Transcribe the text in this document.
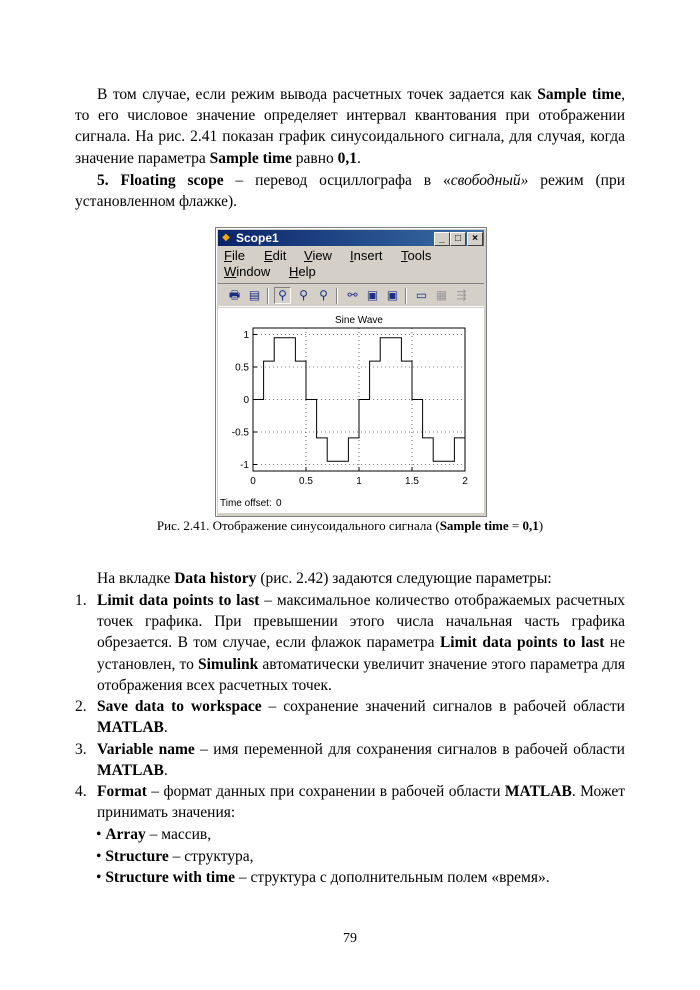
В том случае, если режим вывода расчетных точек задается как Sample time, то его числовое значение определяет интервал квантования при отображении сигнала. На рис. 2.41 показан график синусоидального сигнала, для случая, когда значение параметра Sample time равно 0,1.
5. Floating scope – перевод осциллографа в «свободный» режим (при установленном флажке).
◆ Scope1	_	□	×
File Edit View Insert Tools
Window Help
🖶 ▤	⚲	⚲ ⚲	⚯ ▣ ▣ ▭ ▦ ⇶
Sine Wave
0	0.5	1	1.5	2
1
0.5
0
-0.5
-1
Time offset: 0
Рис. 2.41. Отображение синусоидального сигнала (Sample time = 0,1)
На вкладке Data history (рис. 2.42) задаются следующие параметры:
1. Limit data points to last – максимальное количество отображаемых расчетных точек графика. При превышении этого числа начальная часть графика обрезается. В том случае, если флажок параметра Limit data points to last не установлен, то Simulink автоматически увеличит значение этого параметра для отображения всех расчетных точек.
2. Save data to workspace – сохранение значений сигналов в рабочей области MATLAB.
3. Variable name – имя переменной для сохранения сигналов в рабочей области MATLAB.
4. Format – формат данных при сохранении в рабочей области MATLAB. Может принимать значения:
• Array – массив,
• Structure – структура,
• Structure with time – структура с дополнительным полем «время».
79
